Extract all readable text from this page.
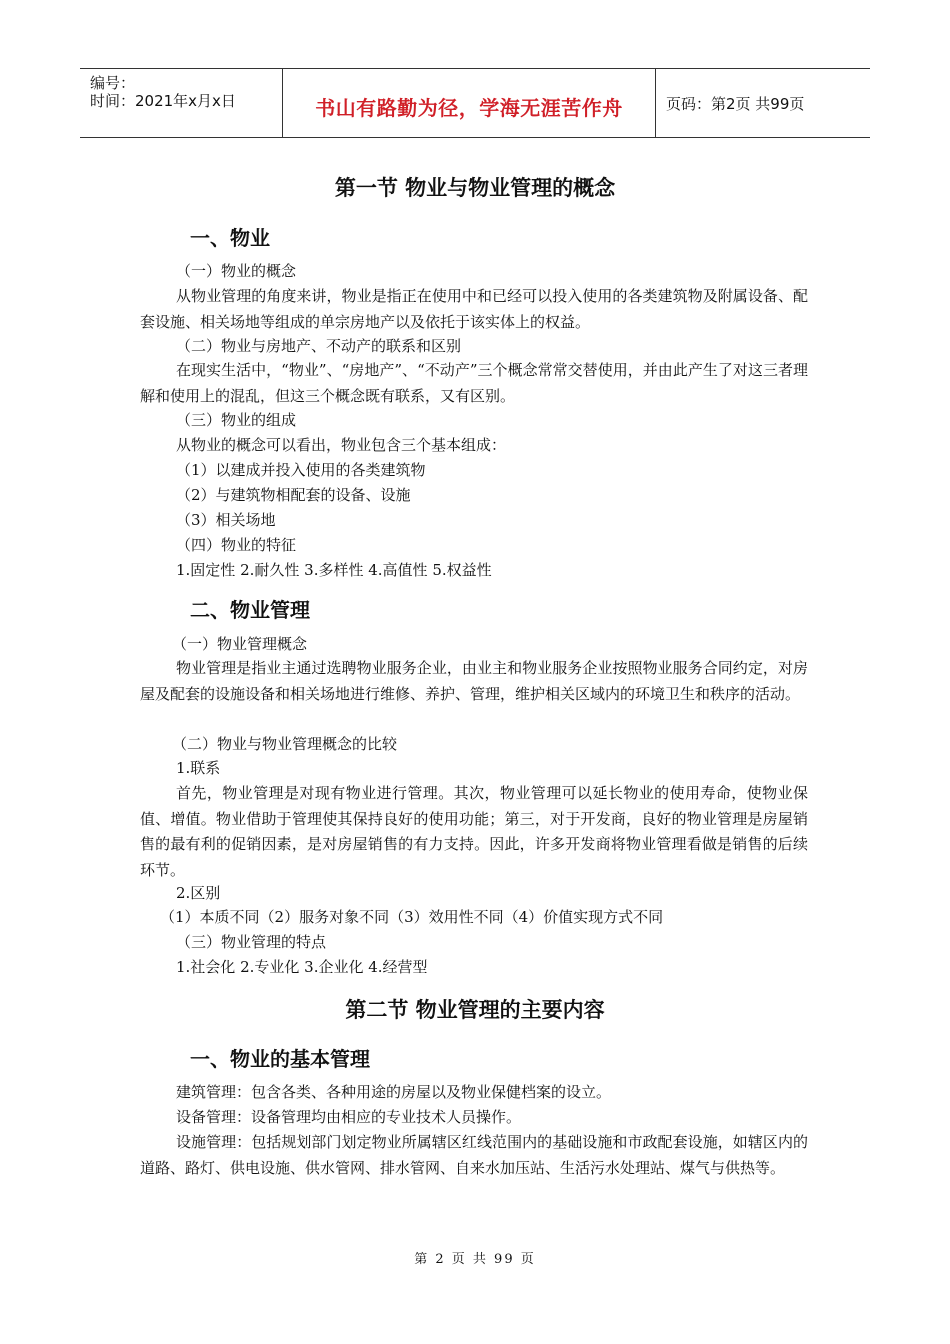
编号：
时间：2021年x月x日	书山有路勤为径，学海无涯苦作舟	页码：第2页 共99页
第一节 物业与物业管理的概念
一、物业
（一）物业的概念
从物业管理的角度来讲，物业是指正在使用中和已经可以投入使用的各类建筑物及附属设备、配套设施、相关场地等组成的单宗房地产以及依托于该实体上的权益。
（二）物业与房地产、不动产的联系和区别
在现实生活中，“物业”、“房地产”、“不动产”三个概念常常交替使用，并由此产生了对这三者理解和使用上的混乱，但这三个概念既有联系，又有区别。
（三）物业的组成
从物业的概念可以看出，物业包含三个基本组成：
（1）以建成并投入使用的各类建筑物
（2）与建筑物相配套的设备、设施
（3）相关场地
（四）物业的特征
1.固定性 2.耐久性 3.多样性 4.高值性 5.权益性
二、物业管理
（一）物业管理概念
物业管理是指业主通过选聘物业服务企业，由业主和物业服务企业按照物业服务合同约定，对房屋及配套的设施设备和相关场地进行维修、养护、管理，维护相关区域内的环境卫生和秩序的活动。
（二）物业与物业管理概念的比较
1.联系
首先，物业管理是对现有物业进行管理。其次，物业管理可以延长物业的使用寿命，使物业保值、增值。物业借助于管理使其保持良好的使用功能；第三，对于开发商，良好的物业管理是房屋销售的最有利的促销因素，是对房屋销售的有力支持。因此，许多开发商将物业管理看做是销售的后续环节。
2.区别
（1）本质不同（2）服务对象不同（3）效用性不同（4）价值实现方式不同
（三）物业管理的特点
1.社会化 2.专业化 3.企业化 4.经营型
第二节 物业管理的主要内容
一、物业的基本管理
建筑管理：包含各类、各种用途的房屋以及物业保健档案的设立。
设备管理：设备管理均由相应的专业技术人员操作。
设施管理：包括规划部门划定物业所属辖区红线范围内的基础设施和市政配套设施，如辖区内的道路、路灯、供电设施、供水管网、排水管网、自来水加压站、生活污水处理站、煤气与供热等。
第 2 页 共 99 页
